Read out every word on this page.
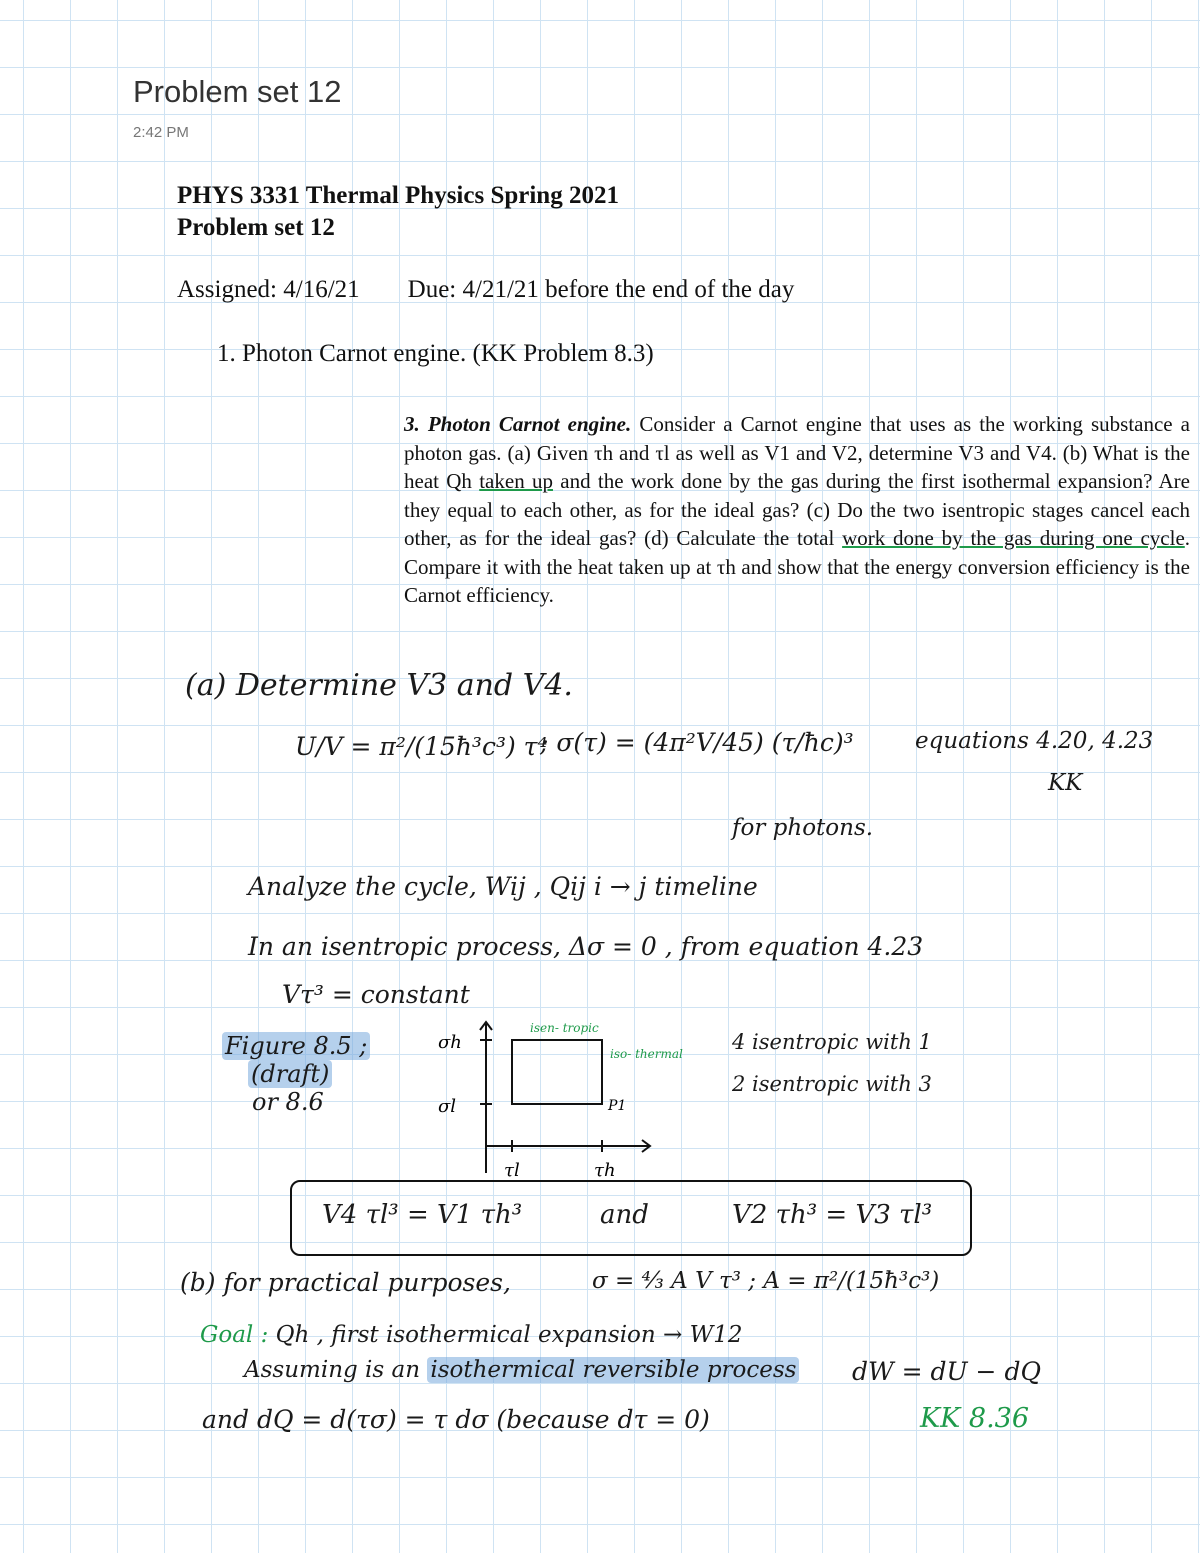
Problem set 12
2:42 PM
PHYS 3331 Thermal Physics Spring 2021
Problem set 12
Assigned: 4/16/21 Due: 4/21/21 before the end of the day
1. Photon Carnot engine. (KK Problem 8.3)
3. Photon Carnot engine. Consider a Carnot engine that uses as the working substance a photon gas. (a) Given τh and τl as well as V1 and V2, determine V3 and V4. (b) What is the heat Qh taken up and the work done by the gas during the first isothermal expansion? Are they equal to each other, as for the ideal gas? (c) Do the two isentropic stages cancel each other, as for the ideal gas? (d) Calculate the total work done by the gas during one cycle. Compare it with the heat taken up at τh and show that the energy conversion efficiency is the Carnot efficiency.
(a) Determine V3 and V4.
U/V = π²/(15ħ³c³) τ⁴
; σ(τ) = (4π²V/45) (τ/ħc)³	equations 4.20, 4.23
KK
for photons.
Analyze the cycle, Wij , Qij i → j timeline
In an isentropic process, Δσ = 0 , from equation 4.23
Vτ³ = constant
Figure 8.5 ;
(draft)
or 8.6
σh
σl
τl	τh
P1
isen- tropic
iso- thermal 4 isentropic with 1
2 isentropic with 3
V4 τl³ = V1 τh³	and	V2 τh³ = V3 τl³
(b) for practical purposes,	σ = ⁴⁄₃ A V τ³ ; A = π²/(15ħ³c³)
Goal : Qh , first isothermical expansion → W12
Assuming is an isothermical reversible process dW = dU − dQ
and dQ = d(τσ) = τ dσ (because dτ = 0)	KK 8.36
